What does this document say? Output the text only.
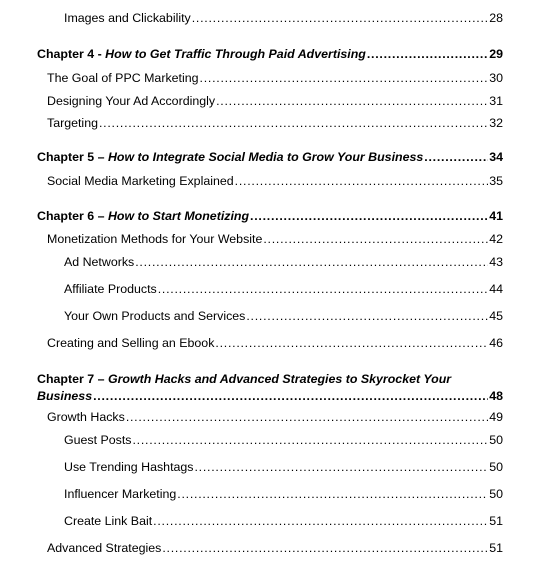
Images and Clickability . . .	28
Chapter 4 - How to Get Traffic Through Paid Advertising . . .	29
The Goal of PPC Marketing . . .	30
Designing Your Ad Accordingly . . .	31
Targeting . . .	32
Chapter 5 – How to Integrate Social Media to Grow Your Business . . .	34
Social Media Marketing Explained . . .	35
Chapter 6 – How to Start Monetizing . . .	41
Monetization Methods for Your Website . . .	42
Ad Networks . . .	43
Affiliate Products . . .	44
Your Own Products and Services . . .	45
Creating and Selling an Ebook . . .	46
Chapter 7 – Growth Hacks and Advanced Strategies to Skyrocket Your
Business . . .	48
Growth Hacks . . .	49
Guest Posts . . .	50
Use Trending Hashtags . . .	50
Influencer Marketing . . .	50
Create Link Bait . . .	51
Advanced Strategies . . .	51
